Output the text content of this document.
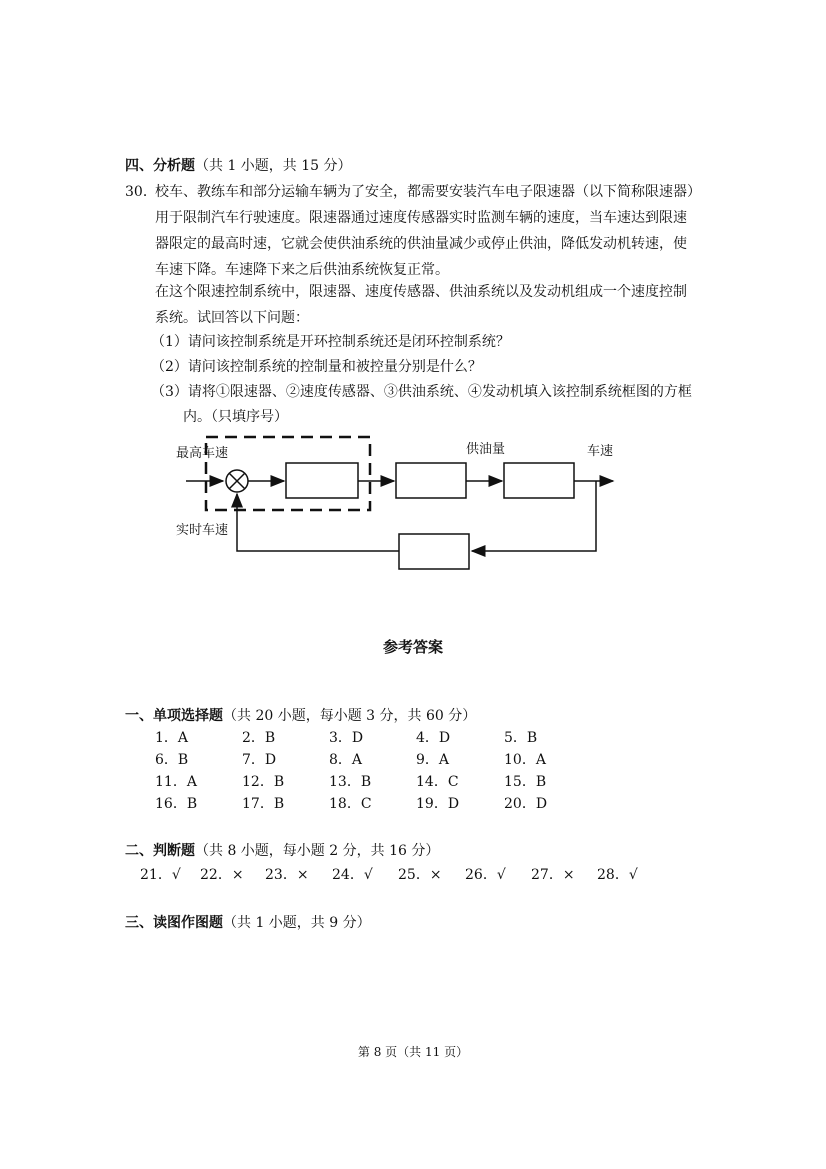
四、分析题（共 1 小题，共 15 分）
30．
校车、教练车和部分运输车辆为了安全，都需要安装汽车电子限速器（以下简称限速器）
用于限制汽车行驶速度。限速器通过速度传感器实时监测车辆的速度，当车速达到限速
器限定的最高时速，它就会使供油系统的供油量减少或停止供油，降低发动机转速，使
车速下降。车速降下来之后供油系统恢复正常。
在这个限速控制系统中，限速器、速度传感器、供油系统以及发动机组成一个速度控制
系统。试回答以下问题：
（1）请问该控制系统是开环控制系统还是闭环控制系统？
（2）请问该控制系统的控制量和被控量分别是什么？
（3）请将①限速器、②速度传感器、③供油系统、④发动机填入该控制系统框图的方框
内。（只填序号）
最高车速
实时车速
供油量	车速
参考答案
一、单项选择题（共 20 小题，每小题 3 分，共 60 分）
1．A	2．B	3．D	4．D	5．B
6．B	7．D	8．A	9．A	10．A
11．A	12．B	13．B	14．C	15．B
16．B	17．B	18．C	19．D	20．D
二、判断题（共 8 小题，每小题 2 分，共 16 分）
21．√ 22．× 23．× 24．√ 25．× 26．√ 27．× 28．√
三、读图作图题（共 1 小题，共 9 分）
第 8 页（共 11 页）
